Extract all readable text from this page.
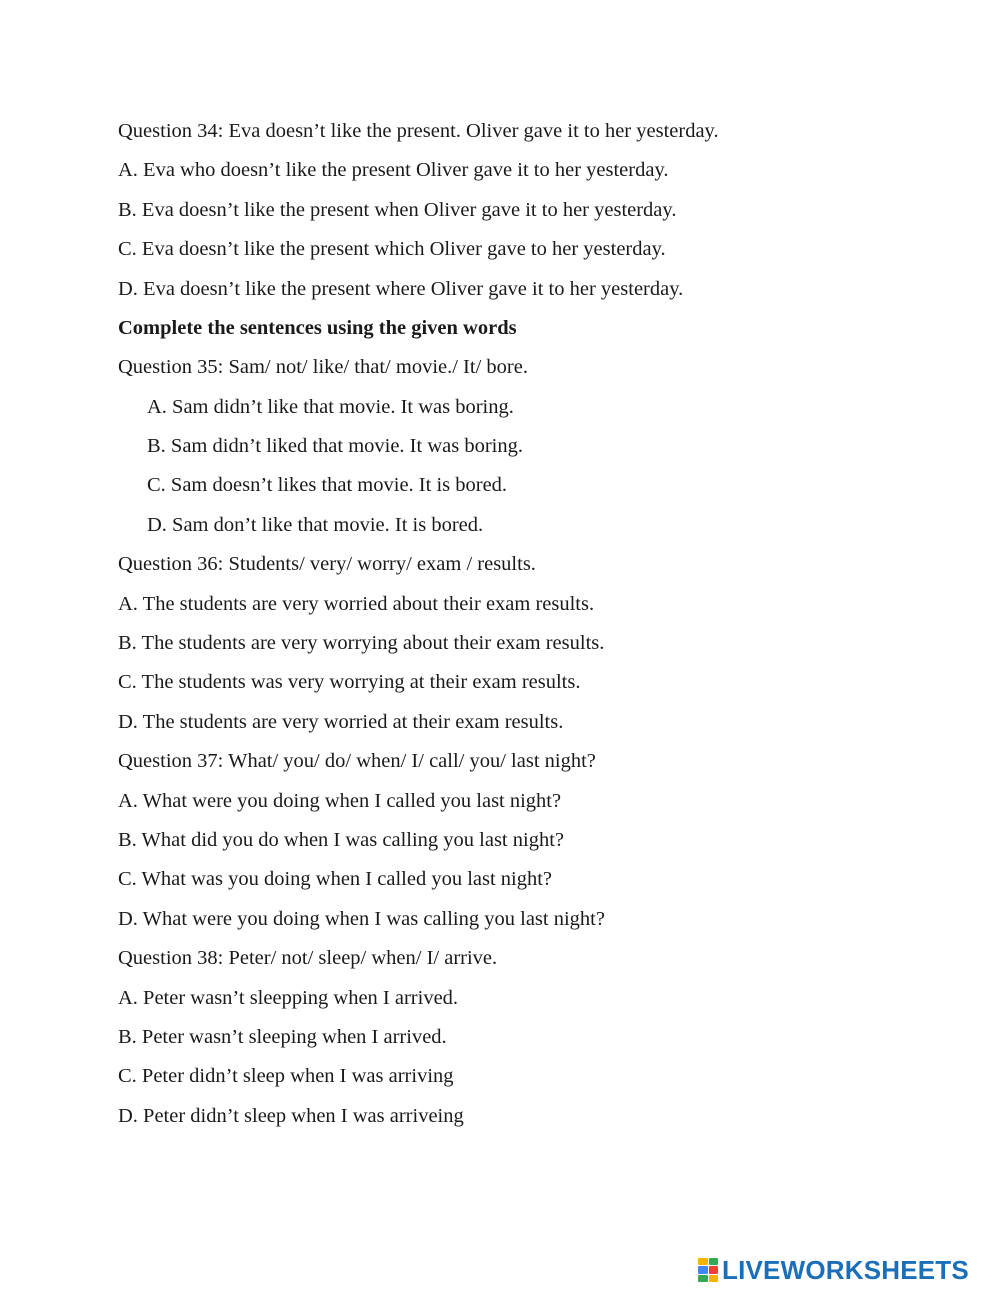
Question 34: Eva doesn’t like the present. Oliver gave it to her yesterday.
A. Eva who doesn’t like the present Oliver gave it to her yesterday.
B. Eva doesn’t like the present when Oliver gave it to her yesterday.
C. Eva doesn’t like the present which Oliver gave to her yesterday.
D. Eva doesn’t like the present where Oliver gave it to her yesterday.
Complete the sentences using the given words
Question 35: Sam/ not/ like/ that/ movie./ It/ bore.
A. Sam didn’t like that movie. It was boring.
B. Sam didn’t liked that movie. It was boring.
C. Sam doesn’t likes that movie. It is bored.
D. Sam don’t like that movie. It is bored.
Question 36: Students/ very/ worry/ exam / results.
A. The students are very worried about their exam results.
B. The students are very worrying about their exam results.
C. The students was very worrying at their exam results.
D. The students are very worried at their exam results.
Question 37: What/ you/ do/ when/ I/ call/ you/ last night?
A. What were you doing when I called you last night?
B. What did you do when I was calling you last night?
C. What was you doing when I called you last night?
D. What were you doing when I was calling you last night?
Question 38: Peter/ not/ sleep/ when/ I/ arrive.
A. Peter wasn’t sleepping when I arrived.
B. Peter wasn’t sleeping when I arrived.
C. Peter didn’t sleep when I was arriving
D. Peter didn’t sleep when I was arriveing
LIVEWORKSHEETS
